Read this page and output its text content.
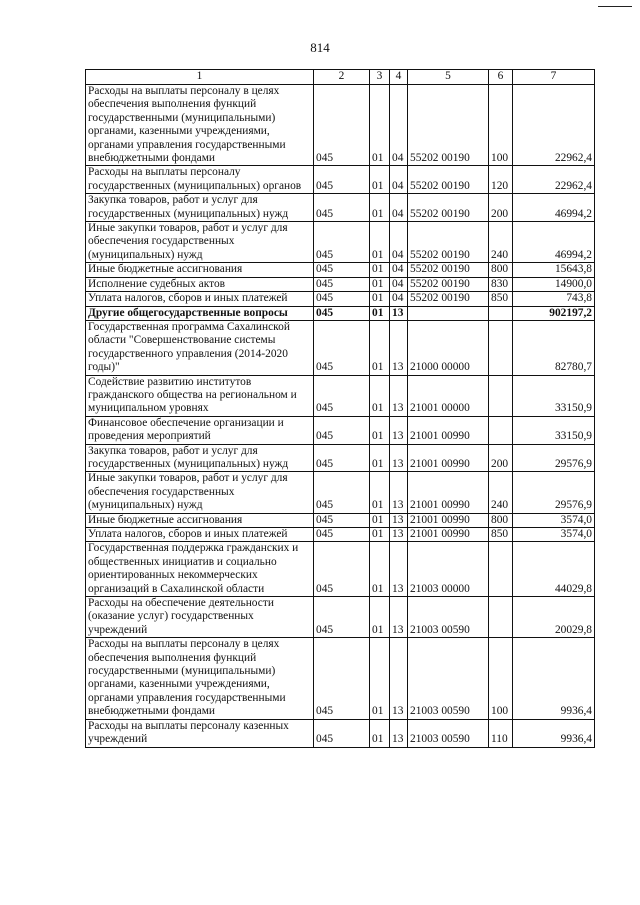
814
1	2	3	4	5	6	7
Расходы на выплаты персоналу в целях обеспечения выполнения функций государственными (муниципальными) органами, казенными учреждениями, органами управления государственными внебюджетными фондами	045	01	04	55202 00190	100	22962,4
Расходы на выплаты персоналу государственных (муниципальных) органов	045	01	04	55202 00190	120	22962,4
Закупка товаров, работ и услуг для государственных (муниципальных) нужд	045	01	04	55202 00190	200	46994,2
Иные закупки товаров, работ и услуг для обеспечения государственных (муниципальных) нужд	045	01	04	55202 00190	240	46994,2
Иные бюджетные ассигнования	045	01	04	55202 00190	800	15643,8
Исполнение судебных актов	045	01	04	55202 00190	830	14900,0
Уплата налогов, сборов и иных платежей	045	01	04	55202 00190	850	743,8
Другие общегосударственные вопросы	045	01	13			902197,2
Государственная программа Сахалинской области "Совершенствование системы государственного управления (2014-2020 годы)"	045	01	13	21000 00000		82780,7
Содействие развитию институтов гражданского общества на региональном и муниципальном уровнях	045	01	13	21001 00000		33150,9
Финансовое обеспечение организации и проведения мероприятий	045	01	13	21001 00990		33150,9
Закупка товаров, работ и услуг для государственных (муниципальных) нужд	045	01	13	21001 00990	200	29576,9
Иные закупки товаров, работ и услуг для обеспечения государственных (муниципальных) нужд	045	01	13	21001 00990	240	29576,9
Иные бюджетные ассигнования	045	01	13	21001 00990	800	3574,0
Уплата налогов, сборов и иных платежей	045	01	13	21001 00990	850	3574,0
Государственная поддержка гражданских и общественных инициатив и социально ориентированных некоммерческих организаций в Сахалинской области	045	01	13	21003 00000		44029,8
Расходы на обеспечение деятельности (оказание услуг) государственных учреждений	045	01	13	21003 00590		20029,8
Расходы на выплаты персоналу в целях обеспечения выполнения функций государственными (муниципальными) органами, казенными учреждениями, органами управления государственными внебюджетными фондами	045	01	13	21003 00590	100	9936,4
Расходы на выплаты персоналу казенных учреждений	045	01	13	21003 00590	110	9936,4
